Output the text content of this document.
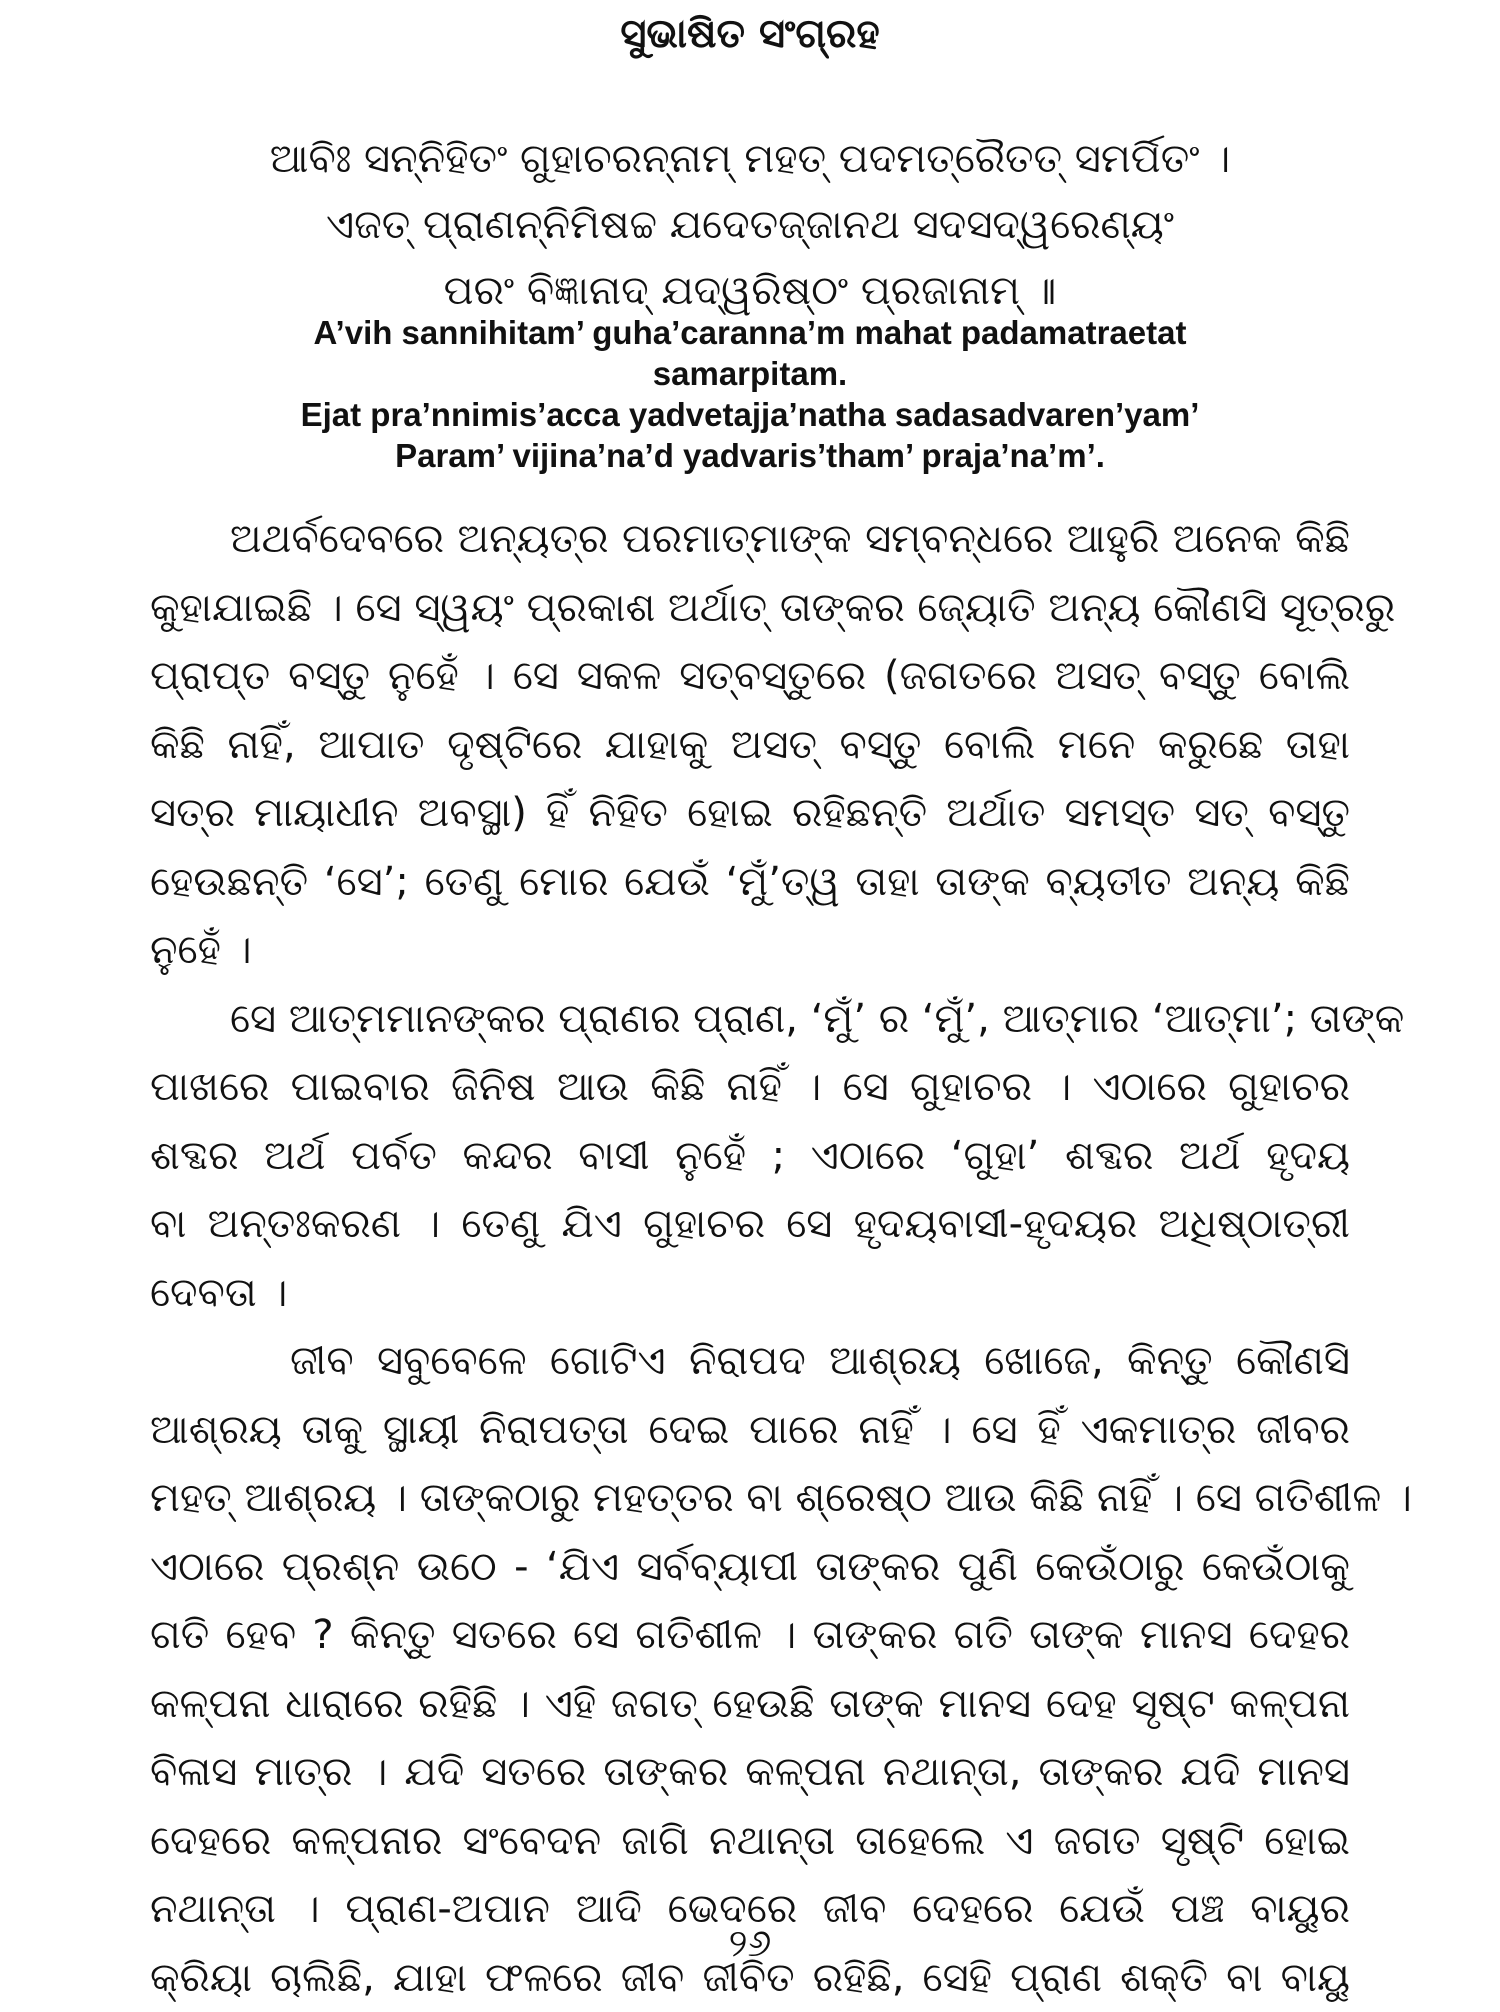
ସୁଭାଷିତ ସଂଗ୍ରହ
ଆବିଃ ସନ୍ନିହିତଂ ଗୁହାଚରନ୍ନାମ୍ ମହତ୍ ପଦମତ୍ରୈତତ୍ ସମର୍ପିତଂ ।
ଏଜତ୍ ପ୍ରାଣନ୍ନିମିଷଚ୍ଚ ଯଦେତଜ୍ଜାନଥ ସଦସଦ୍ୱରେଣ୍ୟଂ
ପରଂ ବିଜ୍ଞାନାଦ୍ ଯଦ୍ୱରିଷ୍ଠଂ ପ୍ରଜାନାମ୍ ॥
A’vih sannihitam’ guha’caranna’m mahat padamatraetat
samarpitam.
Ejat pra’nnimis’acca yadvetajja’natha sadasadvaren’yam’
Param’ vijina’na’d yadvaris’tham’ praja’na’m’.
ଅଥର୍ବଦେବରେ ଅନ୍ୟତ୍ର ପରମାତ୍ମାଙ୍କ ସମ୍ବନ୍ଧରେ ଆହୁରି ଅନେକ କିଛି
କୁହାଯାଇଛି । ସେ ସ୍ୱୟଂ ପ୍ରକାଶ ଅର୍ଥାତ୍ ତାଙ୍କର ଜ୍ୟୋତି ଅନ୍ୟ କୌଣସି ସୂତ୍ରରୁ
ପ୍ରାପ୍ତ ବସ୍ତୁ ନୁହେଁ । ସେ ସକଳ ସତ୍‌ବସ୍ତୁରେ (ଜଗତରେ ଅସତ୍ ବସ୍ତୁ ବୋଲି
କିଛି ନାହିଁ, ଆପାତ ଦୃଷ୍ଟିରେ ଯାହାକୁ ଅସତ୍ ବସ୍ତୁ ବୋଲି ମନେ କରୁଛେ ତାହା
ସତ୍‌ର ମାୟାଧୀନ ଅବସ୍ଥା) ହିଁ ନିହିତ ହୋଇ ରହିଛନ୍ତି ଅର୍ଥାତ ସମସ୍ତ ସତ୍ ବସ୍ତୁ
ହେଉଛନ୍ତି ‘ସେ’; ତେଣୁ ମୋର ଯେଉଁ ‘ମୁଁ’ତ୍ୱ ତାହା ତାଙ୍କ ବ୍ୟତୀତ ଅନ୍ୟ କିଛି
ନୁହେଁ ।
ସେ ଆତ୍ମମାନଙ୍କର ପ୍ରାଣର ପ୍ରାଣ, ‘ମୁଁ’ ର ‘ମୁଁ’, ଆତ୍ମାର ‘ଆତ୍ମା’; ତାଙ୍କ
ପାଖରେ ପାଇବାର ଜିନିଷ ଆଉ କିଛି ନାହିଁ । ସେ ଗୁହାଚର । ଏଠାରେ ଗୁହାଚର
ଶବ୍ଦର ଅର୍ଥ ପର୍ବତ କନ୍ଦର ବାସୀ ନୁହେଁ ; ଏଠାରେ ‘ଗୁହା’ ଶବ୍ଦର ଅର୍ଥ ହୃଦୟ
ବା ଅନ୍ତଃକରଣ । ତେଣୁ ଯିଏ ଗୁହାଚର ସେ ହୃଦୟବାସୀ-ହୃଦୟର ଅଧିଷ୍ଠାତ୍ରୀ
ଦେବତା ।
ଜୀବ ସବୁବେଳେ ଗୋଟିଏ ନିରାପଦ ଆଶ୍ରୟ ଖୋଜେ, କିନ୍ତୁ କୌଣସି
ଆଶ୍ରୟ ତାକୁ ସ୍ଥାୟୀ ନିରାପତ୍ତା ଦେଇ ପାରେ ନାହିଁ । ସେ ହିଁ ଏକମାତ୍ର ଜୀବର
ମହତ୍ ଆଶ୍ରୟ । ତାଙ୍କଠାରୁ ମହତ୍ତର ବା ଶ୍ରେଷ୍ଠ ଆଉ କିଛି ନାହିଁ । ସେ ଗତିଶୀଳ ।
ଏଠାରେ ପ୍ରଶ୍ନ ଉଠେ - ‘ଯିଏ ସର୍ବବ୍ୟାପୀ ତାଙ୍କର ପୁଣି କେଉଁଠାରୁ କେଉଁଠାକୁ
ଗତି ହେବ ? କିନ୍ତୁ ସତରେ ସେ ଗତିଶୀଳ । ତାଙ୍କର ଗତି ତାଙ୍କ ମାନସ ଦେହର
କଳ୍ପନା ଧାରାରେ ରହିଛି । ଏହି ଜଗତ୍ ହେଉଛି ତାଙ୍କ ମାନସ ଦେହ ସୃଷ୍ଟ କଳ୍ପନା
ବିଳାସ ମାତ୍ର । ଯଦି ସତରେ ତାଙ୍କର କଳ୍ପନା ନଥାନ୍ତା, ତାଙ୍କର ଯଦି ମାନସ
ଦେହରେ କଳ୍ପନାର ସଂବେଦନ ଜାଗି ନଥାନ୍ତା ତାହେଲେ ଏ ଜଗତ ସୃଷ୍ଟି ହୋଇ
ନଥାନ୍ତା । ପ୍ରାଣ-ଅପାନ ଆଦି ଭେଦରେ ଜୀବ ଦେହରେ ଯେଉଁ ପଞ୍ଚ ବାୟୁର
କ୍ରିୟା ଚାଲିଛି, ଯାହା ଫଳରେ ଜୀବ ଜୀବିତ ରହିଛି, ସେହି ପ୍ରାଣ ଶକ୍ତି ବା ବାୟୁ
୨୬
